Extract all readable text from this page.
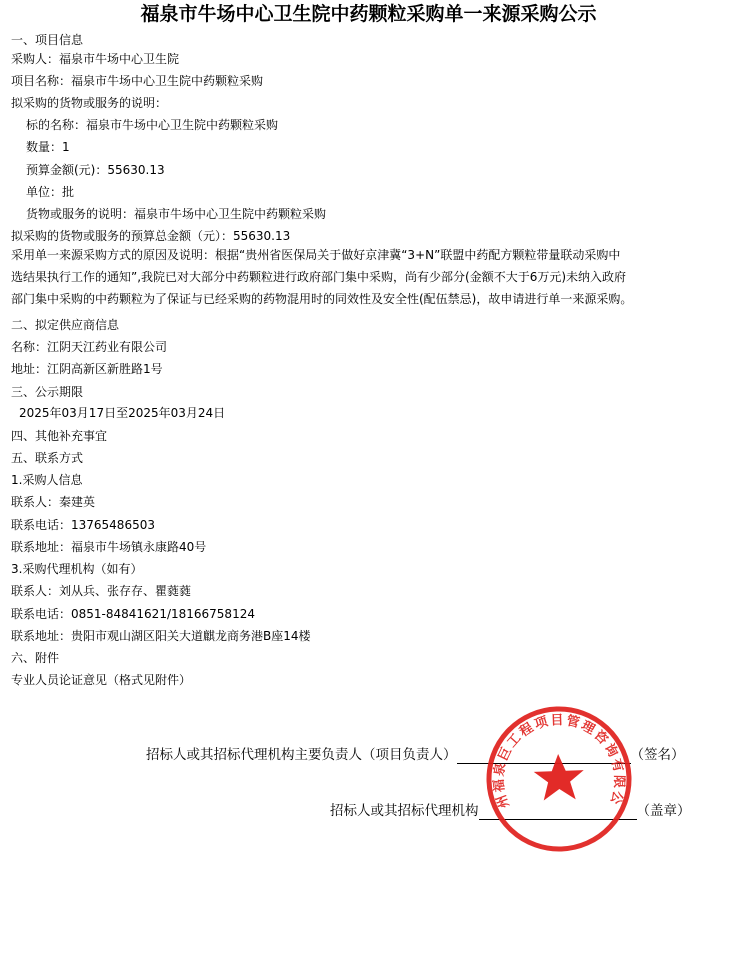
福泉市牛场中心卫生院中药颗粒采购单一来源采购公示
一、项目信息
采购人：福泉市牛场中心卫生院
项目名称：福泉市牛场中心卫生院中药颗粒采购
拟采购的货物或服务的说明：
标的名称：福泉市牛场中心卫生院中药颗粒采购
数量：1
预算金额(元)：55630.13
单位：批
货物或服务的说明：福泉市牛场中心卫生院中药颗粒采购
拟采购的货物或服务的预算总金额（元）：55630.13
采用单一来源采购方式的原因及说明：根据“贵州省医保局关于做好京津冀“3+N”联盟中药配方颗粒带量联动采购中
选结果执行工作的通知”,我院已对大部分中药颗粒进行政府部门集中采购，尚有少部分(金额不大于6万元)未纳入政府
部门集中采购的中药颗粒为了保证与已经采购的药物混用时的同效性及安全性(配伍禁忌)，故申请进行单一来源采购。
二、拟定供应商信息
名称：江阴天江药业有限公司
地址：江阴高新区新胜路1号
三、公示期限
2025年03月17日至2025年03月24日
四、其他补充事宜
五、联系方式
1.采购人信息
联系人：秦建英
联系电话：13765486503
联系地址：福泉市牛场镇永康路40号
3.采购代理机构（如有）
联系人：刘从兵、张存存、瞿蕤蕤
联系电话：0851-84841621/18166758124
联系地址：贵阳市观山湖区阳关大道麒龙商务港B座14楼
六、附件
专业人员论证意见（格式见附件）
招标人或其招标代理机构主要负责人（项目负责人）	（签名）
招标人或其招标代理机构	（盖章）
贵州福泉巨工程项目管理咨询有限公司
